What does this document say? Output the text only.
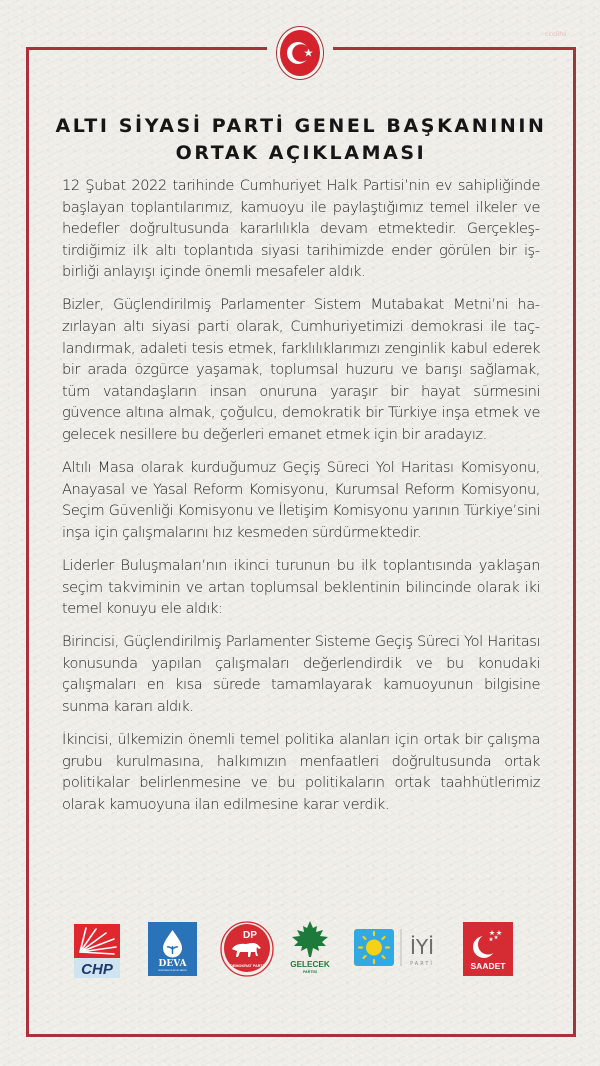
ccclihs
ALTI SİYASİ PARTİ GENEL BAŞKANININ
ORTAK AÇIKLAMASI

12 Şubat 2022 tarihinde Cumhuriyet Halk Partisi’nin ev sahipliğinde başlayan toplantılarımız, kamuoyu ile paylaştığımız temel ilkeler ve hedefler doğrultusunda kararlılıkla devam etmektedir. Gerçekleştirdiğimiz ilk altı toplantıda siyasi tarihimizde ender görülen bir işbirliği anlayışı içinde önemli mesafeler aldık.

Bizler, Güçlendirilmiş Parlamenter Sistem Mutabakat Metni’ni hazırlayan altı siyasi parti olarak, Cumhuriyetimizi demokrasi ile taçlandırmak, adaleti tesis etmek, farklılıklarımızı zenginlik kabul ederek bir arada özgürce yaşamak, toplumsal huzuru ve barışı sağlamak, tüm vatandaşların insan onuruna yaraşır bir hayat sürmesini güvence altına almak, çoğulcu, demokratik bir Türkiye inşa etmek ve gelecek nesillere bu değerleri emanet etmek için bir aradayız.

Altılı Masa olarak kurduğumuz Geçiş Süreci Yol Haritası Komisyonu, Anayasal ve Yasal Reform Komisyonu, Kurumsal Reform Komisyonu, Seçim Güvenliği Komisyonu ve İletişim Komisyonu yarının Türkiye’sini inşa için çalışmalarını hız kesmeden sürdürmektedir.

Liderler Buluşmaları’nın ikinci turunun bu ilk toplantısında yaklaşan seçim takviminin ve artan toplumsal beklentinin bilincinde olarak iki temel konuyu ele aldık:

Birincisi, Güçlendirilmiş Parlamenter Sisteme Geçiş Süreci Yol Haritası konusunda yapılan çalışmaları değerlendirdik ve bu konudaki çalışmaları en kısa sürede tamamlayarak kamuoyunun bilgisine sunma kararı aldık.

İkincisi, ülkemizin önemli temel politika alanları için ortak bir çalışma grubu kurulmasına, halkımızın menfaatleri doğrultusunda ortak politikalar belirlenmesine ve bu politikaların ortak taahhütlerimiz olarak kamuoyuna ilan edilmesine karar verdik.

CHP	DEVA
DEMOKRASİ VE ATILIM PARTİSİ
DP
DEMOKRAT PARTİ	GELECEK
PARTİSİ
İYİ
PARTİ	SAADET
